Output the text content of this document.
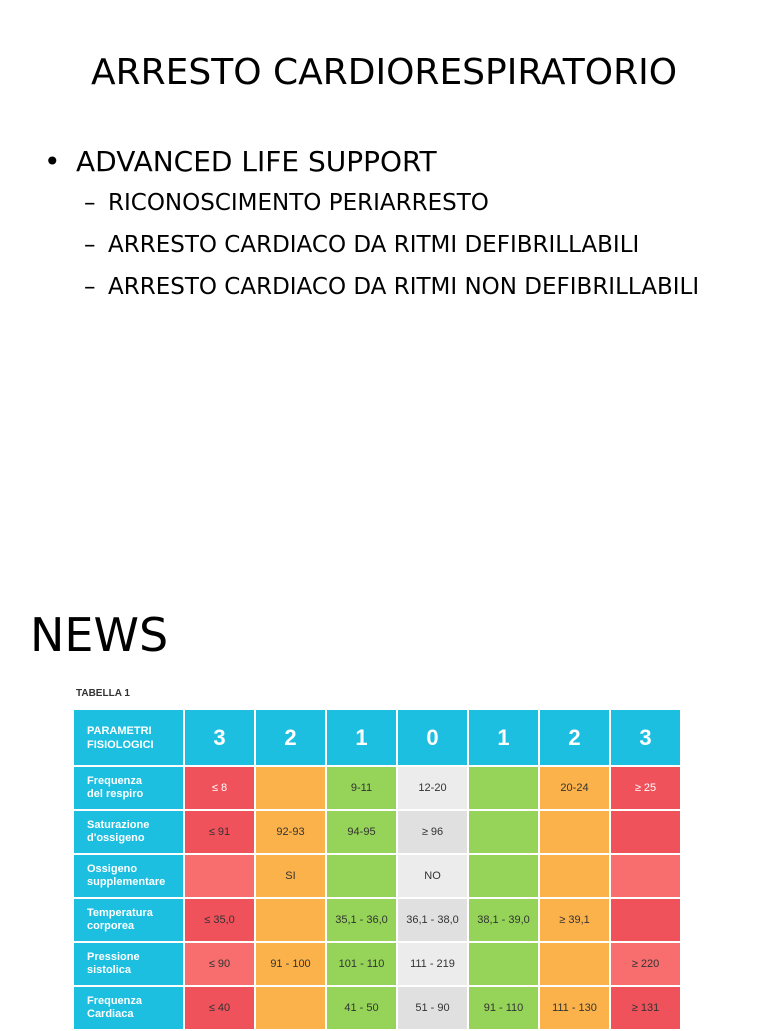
ARRESTO CARDIORESPIRATORIO
• ADVANCED LIFE SUPPORT
– RICONOSCIMENTO PERIARRESTO
– ARRESTO CARDIACO DA RITMI DEFIBRILLABILI
– ARRESTO CARDIACO DA RITMI NON DEFIBRILLABILI
NEWS
TABELLA 1
PARAMETRI
FISIOLOGICI	3	2	1	0	1	2	3
Frequenza
del respiro	≤ 8		9-11	12-20		20-24	≥ 25
Saturazione
d'ossigeno	≤ 91	92-93	94-95	≥ 96			
Ossigeno
supplementare		SI		NO			
Temperatura
corporea	≤ 35,0		35,1 - 36,0	36,1 - 38,0	38,1 - 39,0	≥ 39,1	
Pressione
sistolica	≤ 90	91 - 100	101 - 110	111 - 219			≥ 220
Frequenza
Cardiaca	≤ 40		41 - 50	51 - 90	91 - 110	111 - 130	≥ 131
